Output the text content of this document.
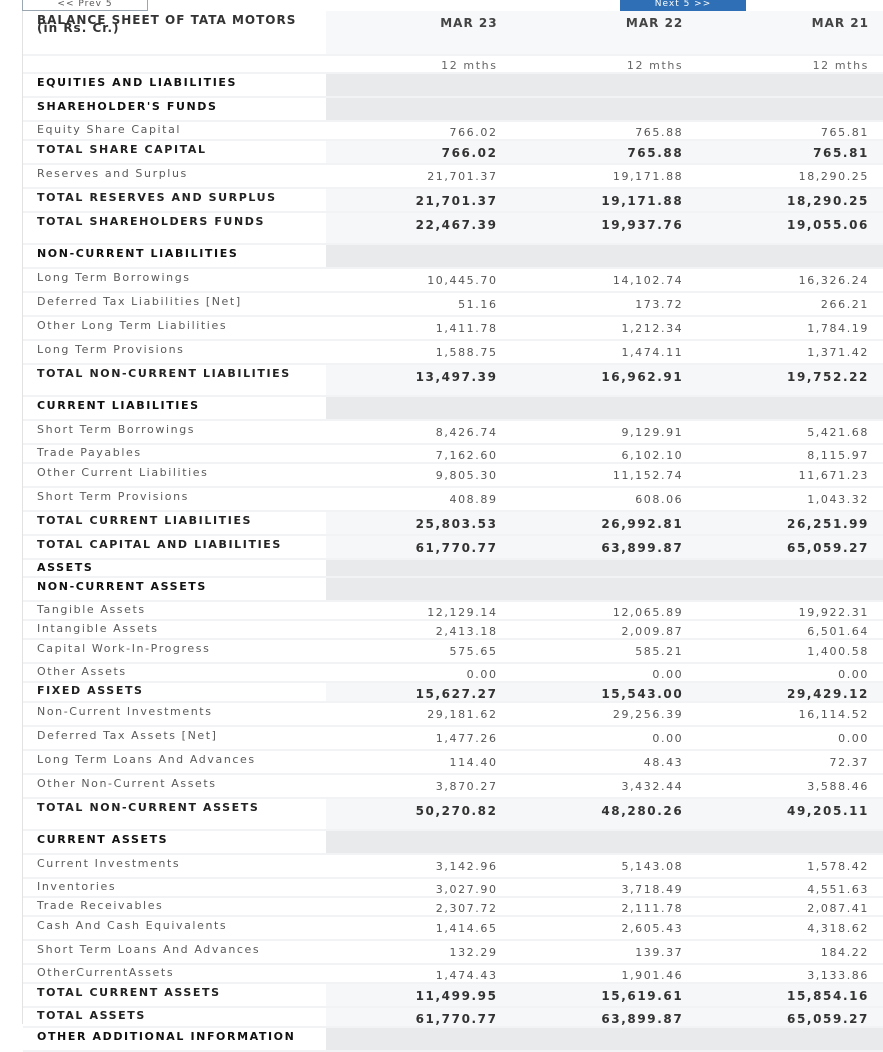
<< Prev 5	Next 5 >>
BALANCE SHEET OF TATA MOTORS (in Rs. Cr.)	MAR 23	MAR 22	MAR 21
	12 mths	12 mths	12 mths
EQUITIES AND LIABILITIES			
SHAREHOLDER'S FUNDS			
Equity Share Capital	766.02	765.88	765.81
TOTAL SHARE CAPITAL	766.02	765.88	765.81
Reserves and Surplus	21,701.37	19,171.88	18,290.25
TOTAL RESERVES AND SURPLUS	21,701.37	19,171.88	18,290.25
TOTAL SHAREHOLDERS FUNDS	22,467.39	19,937.76	19,055.06
NON-CURRENT LIABILITIES			
Long Term Borrowings	10,445.70	14,102.74	16,326.24
Deferred Tax Liabilities [Net]	51.16	173.72	266.21
Other Long Term Liabilities	1,411.78	1,212.34	1,784.19
Long Term Provisions	1,588.75	1,474.11	1,371.42
TOTAL NON-CURRENT LIABILITIES	13,497.39	16,962.91	19,752.22
CURRENT LIABILITIES			
Short Term Borrowings	8,426.74	9,129.91	5,421.68
Trade Payables	7,162.60	6,102.10	8,115.97
Other Current Liabilities	9,805.30	11,152.74	11,671.23
Short Term Provisions	408.89	608.06	1,043.32
TOTAL CURRENT LIABILITIES	25,803.53	26,992.81	26,251.99
TOTAL CAPITAL AND LIABILITIES	61,770.77	63,899.87	65,059.27
ASSETS			
NON-CURRENT ASSETS			
Tangible Assets	12,129.14	12,065.89	19,922.31
Intangible Assets	2,413.18	2,009.87	6,501.64
Capital Work-In-Progress	575.65	585.21	1,400.58
Other Assets	0.00	0.00	0.00
FIXED ASSETS	15,627.27	15,543.00	29,429.12
Non-Current Investments	29,181.62	29,256.39	16,114.52
Deferred Tax Assets [Net]	1,477.26	0.00	0.00
Long Term Loans And Advances	114.40	48.43	72.37
Other Non-Current Assets	3,870.27	3,432.44	3,588.46
TOTAL NON-CURRENT ASSETS	50,270.82	48,280.26	49,205.11
CURRENT ASSETS			
Current Investments	3,142.96	5,143.08	1,578.42
Inventories	3,027.90	3,718.49	4,551.63
Trade Receivables	2,307.72	2,111.78	2,087.41
Cash And Cash Equivalents	1,414.65	2,605.43	4,318.62
Short Term Loans And Advances	132.29	139.37	184.22
OtherCurrentAssets	1,474.43	1,901.46	3,133.86
TOTAL CURRENT ASSETS	11,499.95	15,619.61	15,854.16
TOTAL ASSETS	61,770.77	63,899.87	65,059.27
OTHER ADDITIONAL INFORMATION			
